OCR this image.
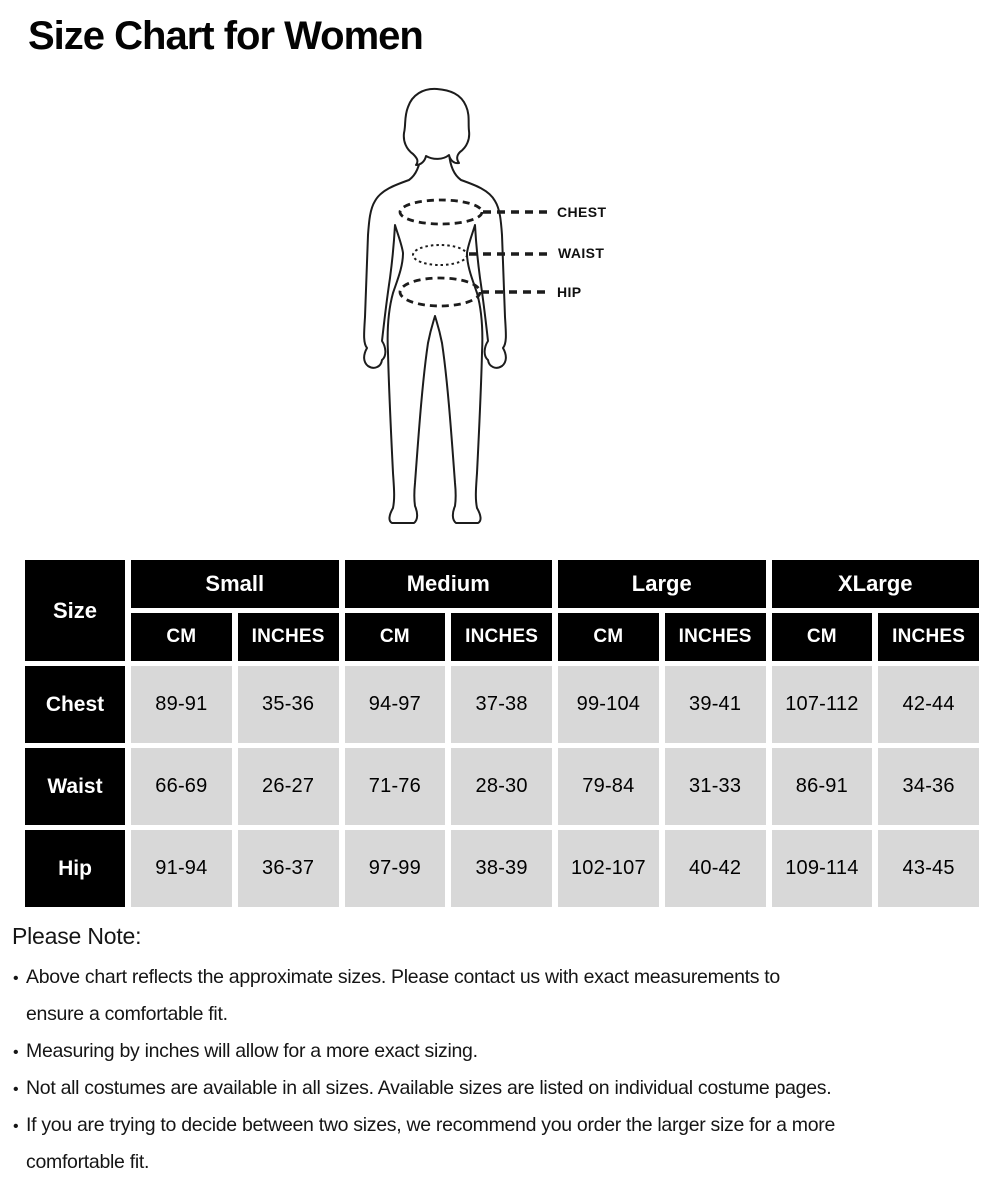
Size Chart for Women
CHEST
WAIST
HIP
Size
Small	Medium	Large	XLarge
CM	INCHES	CM	INCHES	CM	INCHES	CM	INCHES
Chest	89-91	35-36	94-97	37-38	99-104	39-41	107-112	42-44
Waist	66-69	26-27	71-76	28-30	79-84	31-33	86-91	34-36
Hip	91-94	36-37	97-99	38-39	102-107	40-42	109-114	43-45

Please Note:

• Above chart reflects the approximate sizes. Please contact us with exact measurements to
ensure a comfortable fit.
• Measuring by inches will allow for a more exact sizing.
• Not all costumes are available in all sizes. Available sizes are listed on individual costume pages.
• If you are trying to decide between two sizes, we recommend you order the larger size for a more
comfortable fit.
